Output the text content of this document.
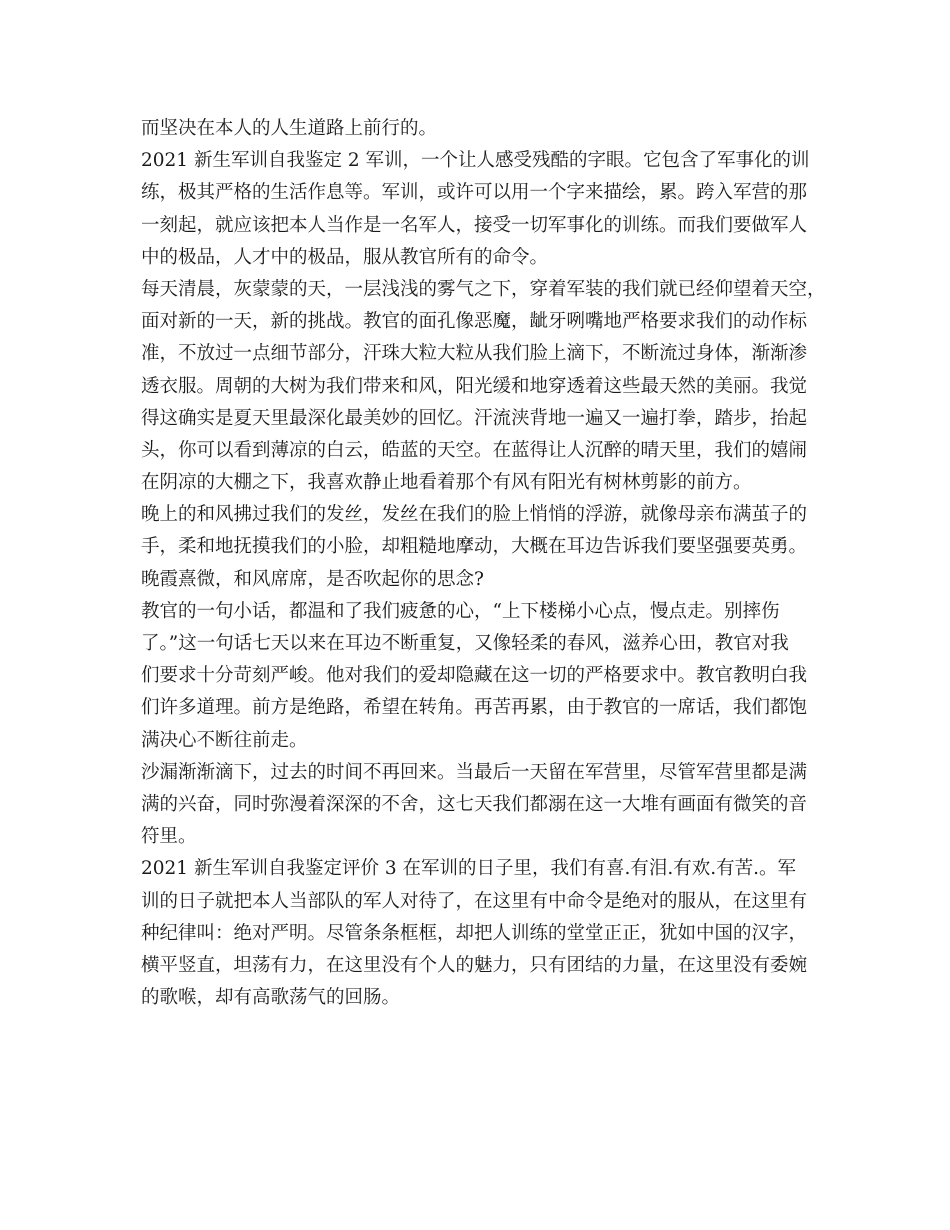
而坚决在本人的人生道路上前行的。
2021 新生军训自我鉴定 2 军训，一个让人感受残酷的字眼。它包含了军事化的训
练，极其严格的生活作息等。军训，或许可以用一个字来描绘，累。跨入军营的那
一刻起，就应该把本人当作是一名军人，接受一切军事化的训练。而我们要做军人
中的极品，人才中的极品，服从教官所有的命令。
每天清晨，灰蒙蒙的天，一层浅浅的雾气之下，穿着军装的我们就已经仰望着天空，
面对新的一天，新的挑战。教官的面孔像恶魔，龇牙咧嘴地严格要求我们的动作标
准，不放过一点细节部分，汗珠大粒大粒从我们脸上滴下，不断流过身体，渐渐渗
透衣服。周朝的大树为我们带来和风，阳光缓和地穿透着这些最天然的美丽。我觉
得这确实是夏天里最深化最美妙的回忆。汗流浃背地一遍又一遍打拳，踏步，抬起
头，你可以看到薄凉的白云，皓蓝的天空。在蓝得让人沉醉的晴天里，我们的嬉闹
在阴凉的大棚之下，我喜欢静止地看着那个有风有阳光有树林剪影的前方。
晚上的和风拂过我们的发丝，发丝在我们的脸上悄悄的浮游，就像母亲布满茧子的
手，柔和地抚摸我们的小脸，却粗糙地摩动，大概在耳边告诉我们要坚强要英勇。
晚霞熹微，和风席席，是否吹起你的思念?
教官的一句小话，都温和了我们疲惫的心，“上下楼梯小心点，慢点走。别摔伤
了。”这一句话七天以来在耳边不断重复，又像轻柔的春风，滋养心田，教官对我
们要求十分苛刻严峻。他对我们的爱却隐藏在这一切的严格要求中。教官教明白我
们许多道理。前方是绝路，希望在转角。再苦再累，由于教官的一席话，我们都饱
满决心不断往前走。
沙漏渐渐滴下，过去的时间不再回来。当最后一天留在军营里，尽管军营里都是满
满的兴奋，同时弥漫着深深的不舍，这七天我们都溺在这一大堆有画面有微笑的音
符里。
2021 新生军训自我鉴定评价 3 在军训的日子里，我们有喜.有泪.有欢.有苦.。军
训的日子就把本人当部队的军人对待了，在这里有中命令是绝对的服从，在这里有
种纪律叫：绝对严明。尽管条条框框，却把人训练的堂堂正正，犹如中国的汉字，
横平竖直，坦荡有力，在这里没有个人的魅力，只有团结的力量，在这里没有委婉
的歌喉，却有高歌荡气的回肠。
